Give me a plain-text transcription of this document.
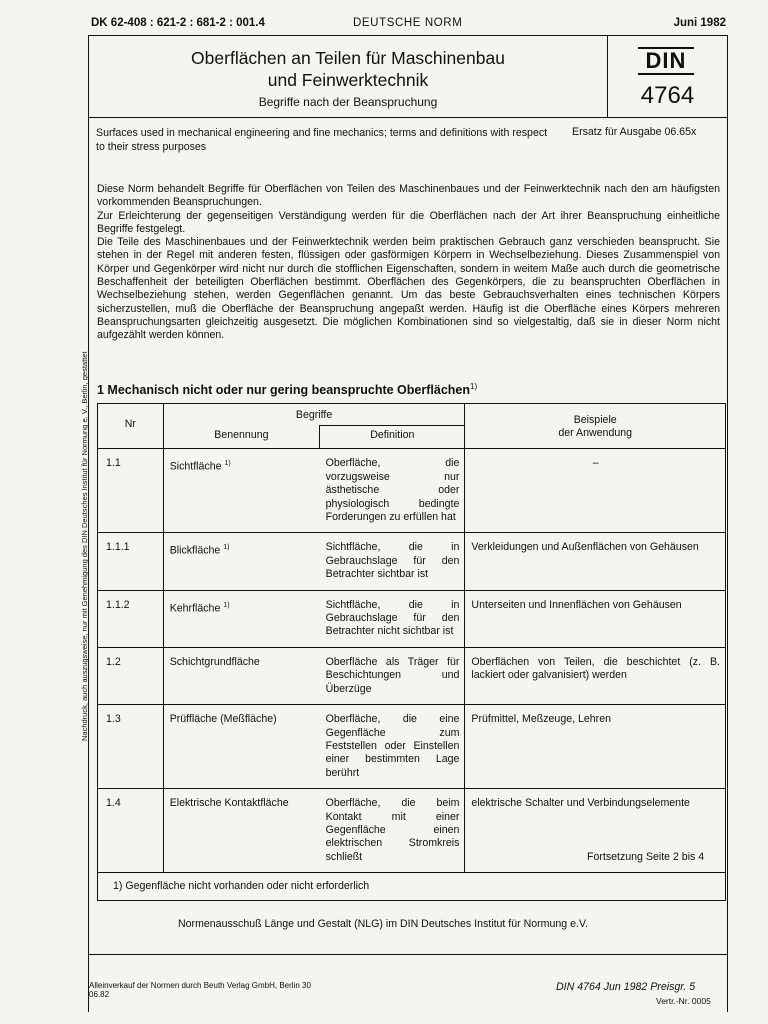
DK 62-408 : 621-2 : 681-2 : 001.4	DEUTSCHE NORM	Juni 1982
Oberflächen an Teilen für Maschinenbau
und Feinwerktechnik
Begriffe nach der Beanspruchung
DIN
4764
Surfaces used in mechanical engineering and fine mechanics; terms and definitions with respect to their stress purposes
Ersatz für Ausgabe 06.65x

Diese Norm behandelt Begriffe für Oberflächen von Teilen des Maschinenbaues und der Feinwerktechnik nach den am häufigsten vorkommenden Beanspruchungen.

Zur Erleichterung der gegenseitigen Verständigung werden für die Oberflächen nach der Art ihrer Beanspruchung einheitliche Begriffe festgelegt.

Die Teile des Maschinenbaues und der Feinwerktechnik werden beim praktischen Gebrauch ganz verschieden beansprucht. Sie stehen in der Regel mit anderen festen, flüssigen oder gasförmigen Körpern in Wechselbeziehung. Dieses Zusammenspiel von Körper und Gegenkörper wird nicht nur durch die stofflichen Eigenschaften, sondern in weitem Maße auch durch die geometrische Beschaffenheit der beteiligten Oberflächen bestimmt. Oberflächen des Gegenkörpers, die zu beanspruchten Oberflächen in Wechselbeziehung stehen, werden Gegenflächen genannt. Um das beste Gebrauchsverhalten eines technischen Körpers sicherzustellen, muß die Oberfläche der Beanspruchung angepaßt werden. Häufig ist die Oberfläche eines Körpers mehreren Beanspruchungsarten gleichzeitig ausgesetzt. Die möglichen Kombinationen sind so vielgestaltig, daß sie in dieser Norm nicht aufgezählt werden können.

1 Mechanisch nicht oder nur gering beanspruchte Oberflächen$^{1)}$
Nr	Begriffe		Beispiele
der Anwendung

	Benennung	Definition	
1.1	Sichtfläche $^{1)}$	Oberfläche, die vorzugsweise nur ästhetische oder physiologisch bedingte Forderungen zu erfüllen hat	–
1.1.1	Blickfläche $^{1)}$	Sichtfläche, die in Gebrauchslage für den Betrachter sichtbar ist	Verkleidungen und Außenflächen von Gehäusen
1.1.2	Kehrfläche $^{1)}$	Sichtfläche, die in Gebrauchslage für den Betrachter nicht sichtbar ist	Unterseiten und Innenflächen von Gehäusen
1.2	Schichtgrundfläche	Oberfläche als Träger für Beschichtungen und Überzüge	Oberflächen von Teilen, die beschichtet (z. B. lackiert oder galvanisiert) werden
1.3	Prüffläche (Meßfläche)	Oberfläche, die eine Gegenfläche zum Feststellen oder Einstellen einer bestimmten Lage berührt	Prüfmittel, Meßzeuge, Lehren
1.4	Elektrische Kontaktfläche	Oberfläche, die beim Kontakt mit einer Gegenfläche einen elektrischen Stromkreis schließt	elektrische Schalter und Verbindungselemente
1) Gegenfläche nicht vorhanden oder nicht erforderlich			
Fortsetzung Seite 2 bis 4
Normenausschuß Länge und Gestalt (NLG) im DIN Deutsches Institut für Normung e.V.
Alleinverkauf der Normen durch Beuth Verlag GmbH, Berlin 30
06.82
DIN 4764 Jun 1982 Preisgr. 5
Vertr.-Nr. 0005
Nachdruck, auch auszugsweise, nur mit Genehmigung des DIN Deutsches Institut für Normung e. V., Berlin, gestattet
